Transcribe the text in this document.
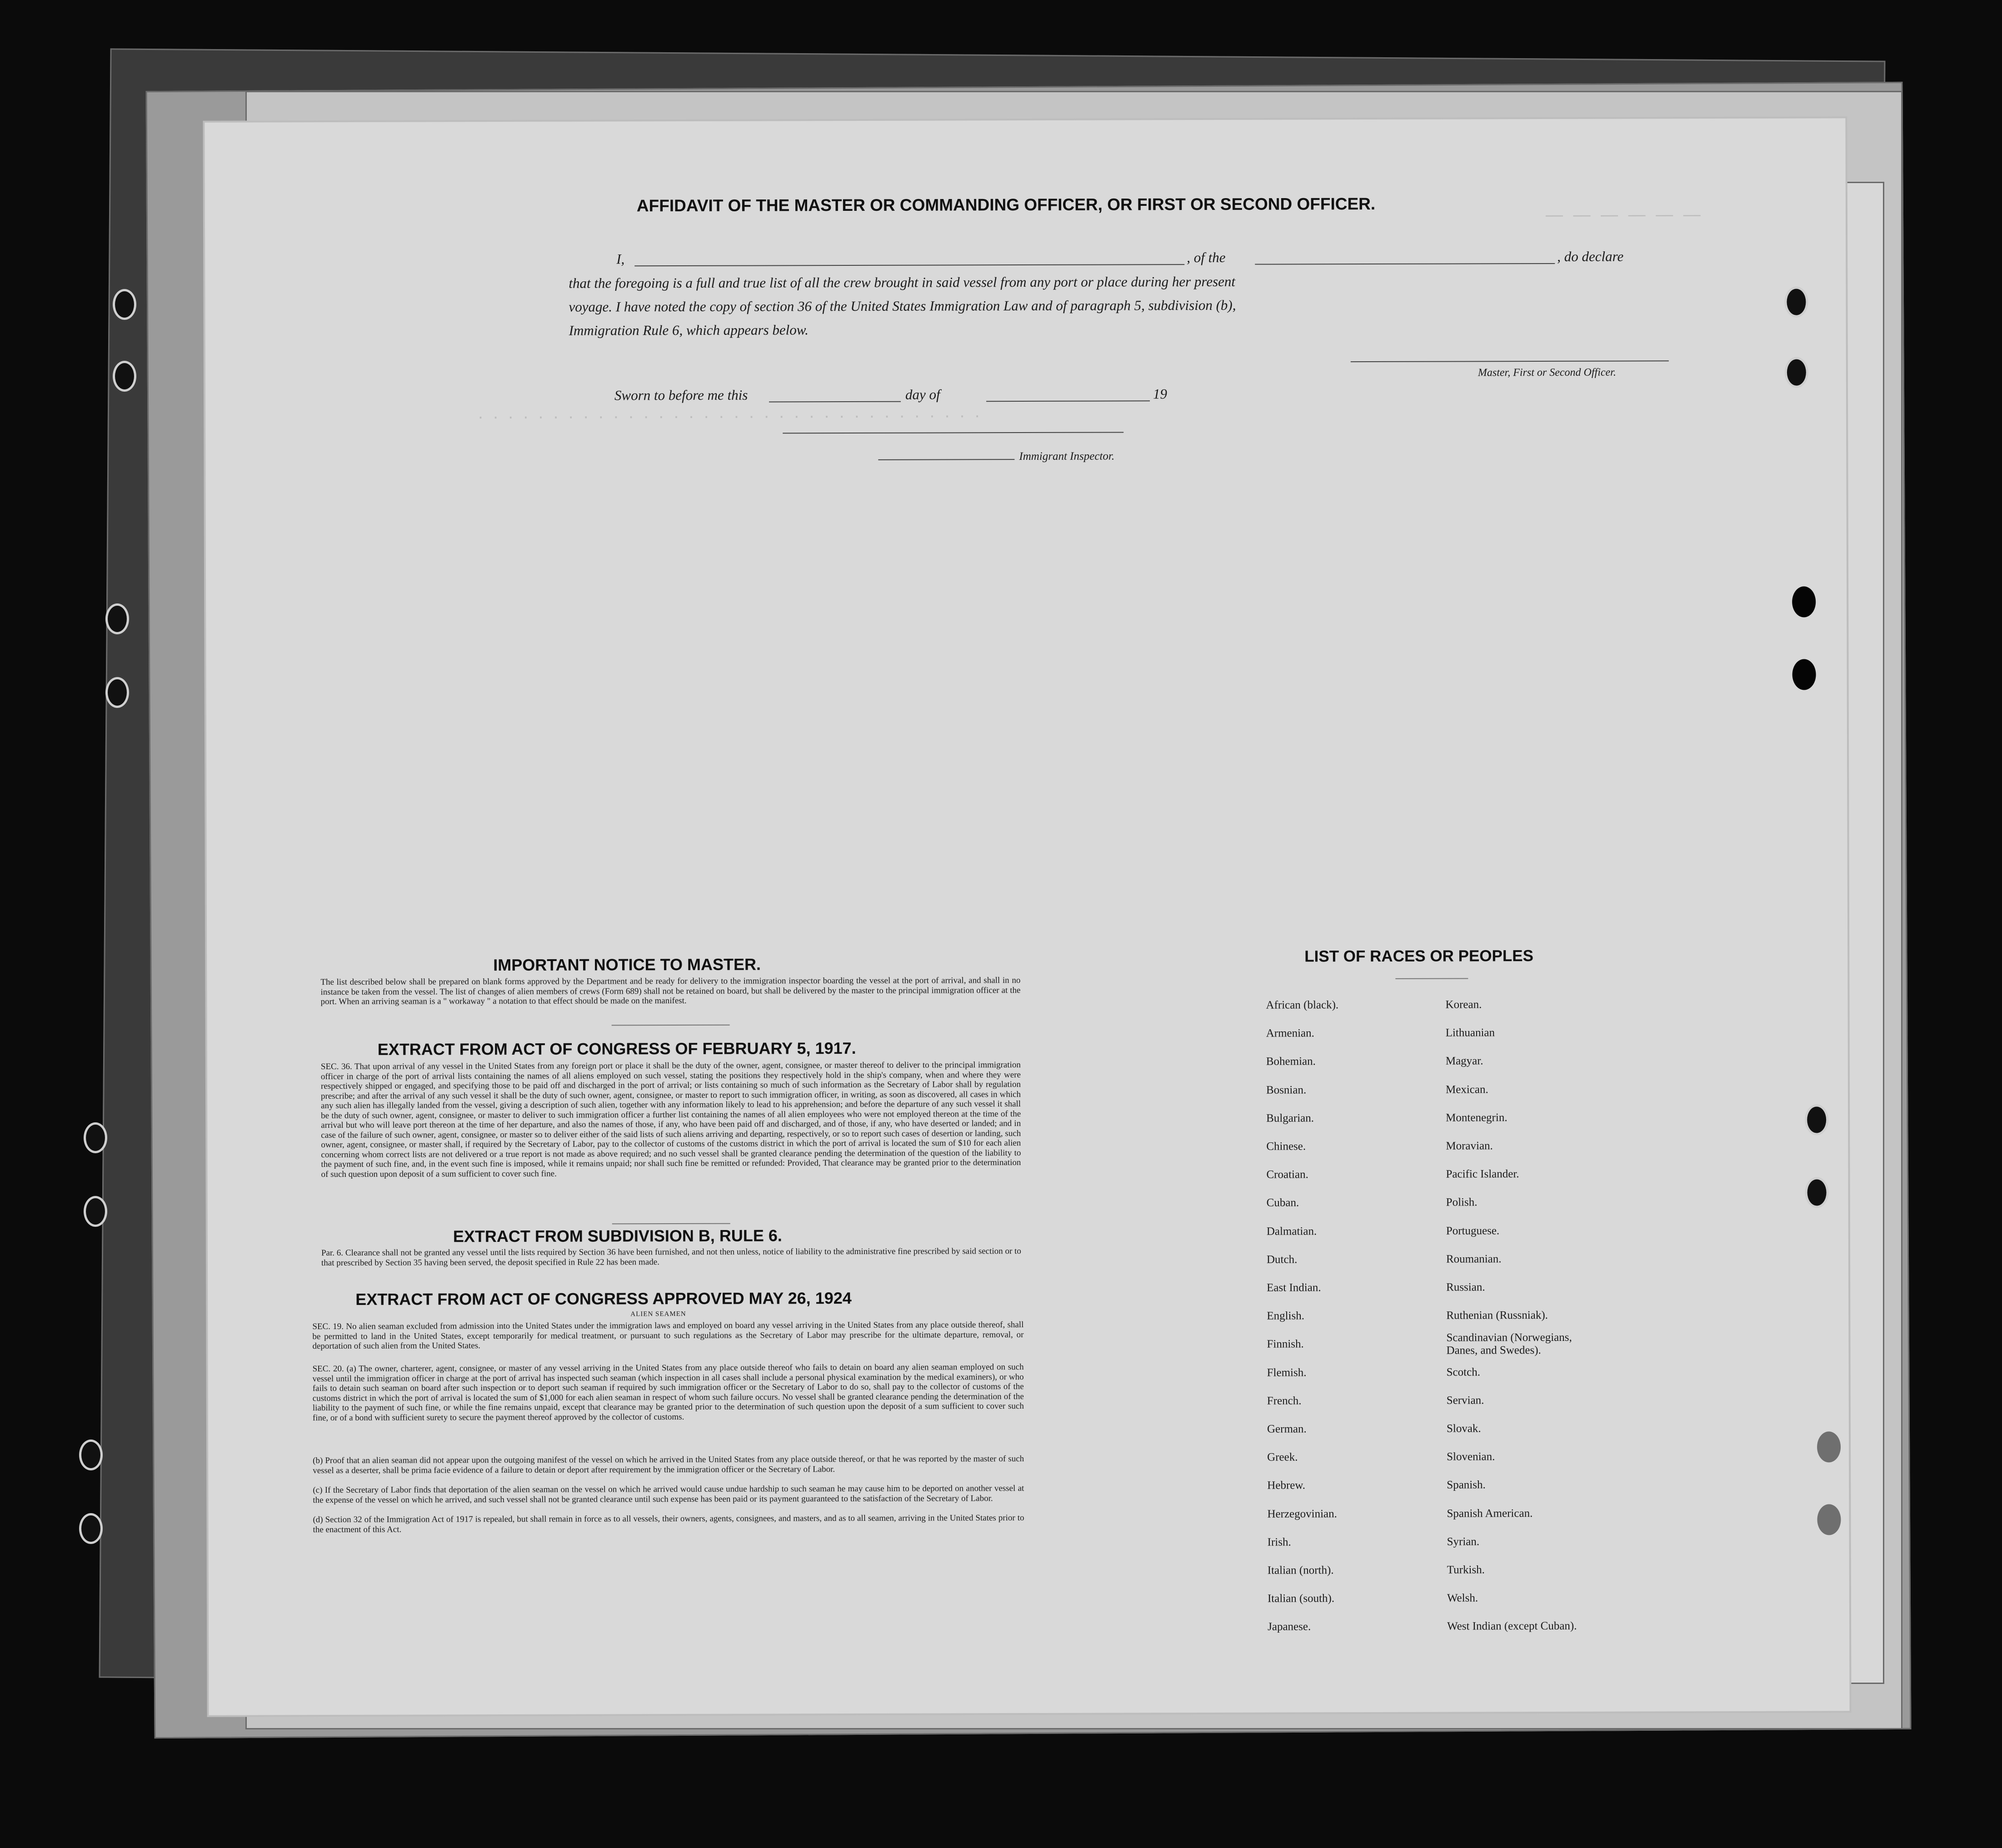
— — — — — —
. . . . . . . . . . . . . . . . . . . . . . . . . . . . . . . . . .
AFFIDAVIT OF THE MASTER OR COMMANDING OFFICER, OR FIRST OR SECOND OFFICER.
I,	, of the	, do declare
that the foregoing is a full and true list of all the crew brought in said vessel from any port or place during her present
voyage. I have noted the copy of section 36 of the United States Immigration Law and of paragraph 5, subdivision (b),
Immigration Rule 6, which appears below.
Master, First or Second Officer.
Sworn to before me this	day of	19
Immigrant Inspector.
IMPORTANT NOTICE TO MASTER.
The list described below shall be prepared on blank forms approved by the Department and be ready for delivery to the immigration inspector boarding the vessel at the port of arrival, and shall in no instance be taken from the vessel. The list of changes of alien members of crews (Form 689) shall not be retained on board, but shall be delivered by the master to the principal immigration officer at the port. When an arriving seaman is a " workaway " a notation to that effect should be made on the manifest.
EXTRACT FROM ACT OF CONGRESS OF FEBRUARY 5, 1917.
SEC. 36. That upon arrival of any vessel in the United States from any foreign port or place it shall be the duty of the owner, agent, consignee, or master thereof to deliver to the principal immigration officer in charge of the port of arrival lists containing the names of all aliens employed on such vessel, stating the positions they respectively hold in the ship's company, when and where they were respectively shipped or engaged, and specifying those to be paid off and discharged in the port of arrival; or lists containing so much of such information as the Secretary of Labor shall by regulation prescribe; and after the arrival of any such vessel it shall be the duty of such owner, agent, consignee, or master to report to such immigration officer, in writing, as soon as discovered, all cases in which any such alien has illegally landed from the vessel, giving a description of such alien, together with any information likely to lead to his apprehension; and before the departure of any such vessel it shall be the duty of such owner, agent, consignee, or master to deliver to such immigration officer a further list containing the names of all alien employees who were not employed thereon at the time of the arrival but who will leave port thereon at the time of her departure, and also the names of those, if any, who have been paid off and discharged, and of those, if any, who have deserted or landed; and in case of the failure of such owner, agent, consignee, or master so to deliver either of the said lists of such aliens arriving and departing, respectively, or so to report such cases of desertion or landing, such owner, agent, consignee, or master shall, if required by the Secretary of Labor, pay to the collector of customs of the customs district in which the port of arrival is located the sum of $10 for each alien concerning whom correct lists are not delivered or a true report is not made as above required; and no such vessel shall be granted clearance pending the determination of the question of the liability to the payment of such fine, and, in the event such fine is imposed, while it remains unpaid; nor shall such fine be remitted or refunded: Provided, That clearance may be granted prior to the determination of such question upon deposit of a sum sufficient to cover such fine.
EXTRACT FROM SUBDIVISION B, RULE 6.
Par. 6. Clearance shall not be granted any vessel until the lists required by Section 36 have been furnished, and not then unless, notice of liability to the administrative fine prescribed by said section or to that prescribed by Section 35 having been served, the deposit specified in Rule 22 has been made.
EXTRACT FROM ACT OF CONGRESS APPROVED MAY 26, 1924
ALIEN SEAMEN
SEC. 19. No alien seaman excluded from admission into the United States under the immigration laws and employed on board any vessel arriving in the United States from any place outside thereof, shall be permitted to land in the United States, except temporarily for medical treatment, or pursuant to such regulations as the Secretary of Labor may prescribe for the ultimate departure, removal, or deportation of such alien from the United States.
SEC. 20. (a) The owner, charterer, agent, consignee, or master of any vessel arriving in the United States from any place outside thereof who fails to detain on board any alien seaman employed on such vessel until the immigration officer in charge at the port of arrival has inspected such seaman (which inspection in all cases shall include a personal physical examination by the medical examiners), or who fails to detain such seaman on board after such inspection or to deport such seaman if required by such immigration officer or the Secretary of Labor to do so, shall pay to the collector of customs of the customs district in which the port of arrival is located the sum of $1,000 for each alien seaman in respect of whom such failure occurs. No vessel shall be granted clearance pending the determination of the liability to the payment of such fine, or while the fine remains unpaid, except that clearance may be granted prior to the determination of such question upon the deposit of a sum sufficient to cover such fine, or of a bond with sufficient surety to secure the payment thereof approved by the collector of customs.
(b) Proof that an alien seaman did not appear upon the outgoing manifest of the vessel on which he arrived in the United States from any place outside thereof, or that he was reported by the master of such vessel as a deserter, shall be prima facie evidence of a failure to detain or deport after requirement by the immigration officer or the Secretary of Labor.
(c) If the Secretary of Labor finds that deportation of the alien seaman on the vessel on which he arrived would cause undue hardship to such seaman he may cause him to be deported on another vessel at the expense of the vessel on which he arrived, and such vessel shall not be granted clearance until such expense has been paid or its payment guaranteed to the satisfaction of the Secretary of Labor.
(d) Section 32 of the Immigration Act of 1917 is repealed, but shall remain in force as to all vessels, their owners, agents, consignees, and masters, and as to all seamen, arriving in the United States prior to the enactment of this Act.
LIST OF RACES OR PEOPLES
African (black).
Armenian.
Bohemian.
Bosnian.
Bulgarian.
Chinese.
Croatian.
Cuban.
Dalmatian.
Dutch.
East Indian.
English.
Finnish.
Flemish.
French.
German.
Greek.
Hebrew.
Herzegovinian.
Irish.
Italian (north).
Italian (south).
Japanese.
Korean.
Lithuanian
Magyar.
Mexican.
Montenegrin.
Moravian.
Pacific Islander.
Polish.
Portuguese.
Roumanian.
Russian.
Ruthenian (Russniak).
Scandinavian (Norwegians, Danes, and Swedes).
Scotch.
Servian.
Slovak.
Slovenian.
Spanish.
Spanish American.
Syrian.
Turkish.
Welsh.
West Indian (except Cuban).
